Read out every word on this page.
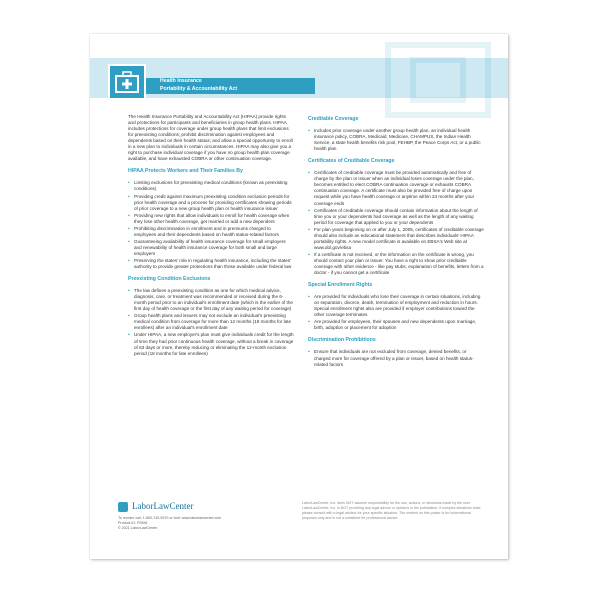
Health Insurance
Portability & Accountability Act

The Health Insurance Portability and Accountability Act (HIPAA) provide rights and protections for participants and beneficiaries in group health plans. HIPAA includes protections for coverage under group health plans that limit exclusions for preexisting conditions; prohibit discrimination against employees and dependents based on their health status; and allow a special opportunity to enroll in a new plan to individuals in certain circumstances. HIPAA may also give you a right to purchase individual coverage if you have no group health plan coverage available, and have exhausted COBRA or other continuation coverage.

HIPAA Protects Workers and Their Families By
▪ Limiting exclusions for preexisting medical conditions (known as preexisting conditions)
▪ Providing credit against maximum preexisting condition exclusion periods for prior health coverage and a process for providing certificates showing periods of prior coverage to a new group health plan or health insurance issuer
▪ Providing new rights that allow individuals to enroll for health coverage when they lose other health coverage, get married or add a new dependent
▪ Prohibiting discrimination in enrollment and in premiums charged to employees and their dependents based on health status-related factors
▪ Guaranteeing availability of health insurance coverage for small employers and renewability of health insurance coverage for both small and large employers
▪ Preserving the states' role in regulating health insurance, including the states' authority to provide greater protections than those available under federal law
Preexisting Condition Exclusions
▪ The law defines a preexisting condition as one for which medical advice, diagnosis, care, or treatment was recommended or received during the 6-month period prior to an individual's enrollment date (which is the earlier of the first day of health coverage or the first day of any waiting period for coverage)
▪ Group health plans and issuers may not exclude an individual's preexisting medical condition from coverage for more than 12 months (18 months for late enrollees) after an individual's enrollment date
▪ Under HIPAA, a new employer's plan must give individuals credit for the length of time they had prior continuous health coverage, without a break in coverage of 63 days or more, thereby reducing or eliminating the 12-month exclusion period (18 months for late enrollees)
Creditable Coverage
▪ Includes prior coverage under another group health plan, an individual health insurance policy, COBRA, Medicaid, Medicare, CHAMPUS, the Indian Health Service, a state health benefits risk pool, FEHBP, the Peace Corps Act, or a public health plan
Certificates of Creditable Coverage
▪ Certificates of creditable coverage must be provided automatically and free of charge by the plan or issuer when an individual loses coverage under the plan, becomes entitled to elect COBRA continuation coverage or exhausts COBRA continuation coverage. A certificate must also be provided free of charge upon request while you have health coverage or anytime within 24 months after your coverage ends
▪ Certificates of creditable coverage should contain information about the length of time you or your dependents had coverage as well as the length of any waiting period for coverage that applied to you or your dependents
▪ For plan years beginning on or after July 1, 2005, certificates of creditable coverage should also include an educational statement that describes individuals' HIPAA portability rights. A new model certificate is available on EBSA's Web site at www.dol.gov/ebsa
▪ If a certificate is not received, or the information on the certificate is wrong, you should contact your plan or issuer. You have a right to show prior creditable coverage with other evidence - like pay stubs, explanation of benefits, letters from a doctor - if you cannot get a certificate
Special Enrollment Rights
▪ Are provided for individuals who lose their coverage in certain situations, including on separation, divorce, death, termination of employment and reduction in hours. Special enrollment rights also are provided if employer contributions toward the other coverage terminates
▪ Are provided for employees, their spouses and new dependents upon marriage, birth, adoption or placement for adoption
Discrimination Prohibitions
▪ Ensure that individuals are not excluded from coverage, denied benefits, or charged more for coverage offered by a plan or issuer, based on health status-related factors
LaborLawCenter
To reorder call: 1-800-745-9970 or visit: www.laborlawcenter.com
Product ID: P2596
© 2021 LaborLawCenter
LaborLawCenter, Inc. does NOT assume responsibility for the use, actions, or decisions made by the user. LaborLawCenter, Inc. is NOT providing any legal advice or opinions in the publication. If complex situations arise, please consult with a legal advisor for your specific situation. The content on this poster is for informational purposes only and is not a substitute for professional advice.
